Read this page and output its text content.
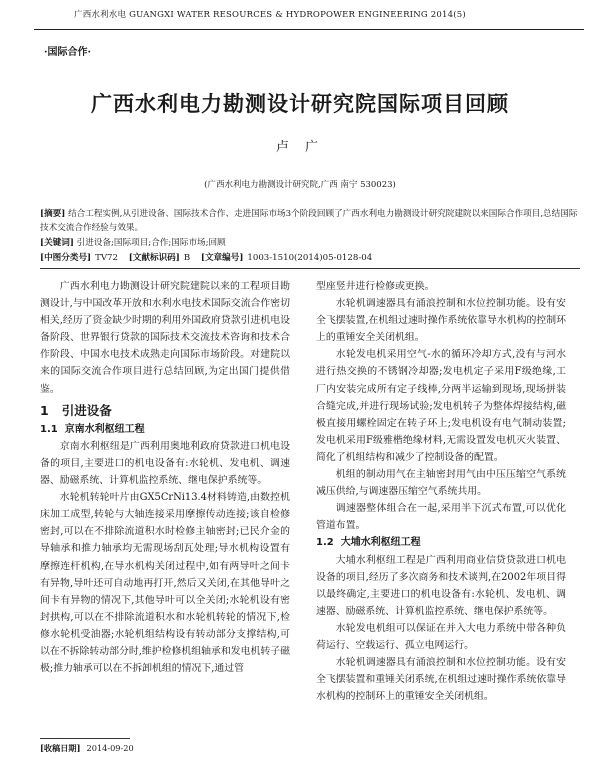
广西水利水电 GUANGXI WATER RESOURCES & HYDROPOWER ENGINEERING 2014(5)
·国际合作·
广西水利电力勘测设计研究院国际项目回顾
卢 广
(广西水利电力勘测设计研究院,广西 南宁 530023)
[摘要] 结合工程实例,从引进设备、国际技术合作、走进国际市场3个阶段回顾了广西水利电力勘测设计研究院建院以来国际合作项目,总结国际技术交流合作经验与效果。
[关键词] 引进设备;国际项目;合作;国际市场;回顾
[中图分类号] TV72 [文献标识码] B [文章编号] 1003-1510(2014)05-0128-04

广西水利电力勘测设计研究院建院以来的工程项目勘测设计,与中国改革开放和水利水电技术国际交流合作密切相关,经历了资金缺少时期的利用外国政府贷款引进机电设备阶段、世界银行贷款的国际技术交流技术咨询和技术合作阶段、中国水电技术成熟走向国际市场阶段。对建院以来的国际交流合作项目进行总结回顾,为定出国门提供借鉴。

1 引进设备
1.1 京南水利枢纽工程

京南水利枢纽是广西利用奥地利政府贷款进口机电设备的项目,主要进口的机电设备有:水轮机、发电机、调速器、励磁系统、计算机监控系统、继电保护系统等。

水轮机转轮叶片由GX5CrNi13.4材料铸造,由数控机床加工成型,转轮与大轴连接采用摩擦传动连接;该自检修密封,可以在不排除流道积水时检修主轴密封;已民介金的导轴承和推力轴承均无需现场刮瓦处理;导水机构设置有摩擦连杆机构,在导水机构关闭过程中,如有两导叶之间卡有异物,导叶还可自动地再打开,然后又关闭,在其他导叶之间卡有异物的情况下,其他导叶可以全关闭;水轮机设有密封拱构,可以在不排除流道积水和水轮机转轮的情况下,检修水轮机受油器;水轮机组结构设有转动部分支撑结构,可以在不拆除转动部分时,维护检修机组轴承和发电机转子磁极;推力轴承可以在不拆卸机组的情况下,通过管

型座竖井进行检修或更换。

水轮机调速器具有涌浪控制和水位控制功能。设有安全飞摆装置,在机组过速时操作系统依靠导水机构的控制环上的重锤安全关闭机组。

水轮发电机采用空气-水的循环冷却方式,没有与河水进行热交换的不锈钢冷却器;发电机定子采用F级绝缘,工厂内安装完成所有定子线棒,分两半运输到现场,现场拼装合缝完成,并进行现场试验;发电机转子为整体焊接结构,磁极直接用螺栓固定在转子环上;发电机设有电气制动装置;发电机采用F级雅楷绝缘材料,无需设置发电机灭火装置、简化了机组结构和减少了控制设备的配置。

机组的制动用气在主轴密封用气由中压压缩空气系统减压供给,与调速器压缩空气系统共用。

调速器整体组合在一起,采用半下沉式布置,可以优化管道布置。

1.2 大埔水利枢纽工程

大埔水利枢纽工程是广西利用商业信贷贷款进口机电设备的项目,经历了多次商务和技术谈判,在2002年项目得以最终确定,主要进口的机电设备有:水轮机、发电机、调速器、励磁系统、计算机监控系统、继电保护系统等。

水轮发电机组可以保证在并入大电力系统中带各种负荷运行、空载运行、孤立电网运行。

水轮机调速器具有涌浪控制和水位控制功能。设有安全飞摆装置和重锤关闭系统,在机组过速时操作系统依靠导水机构的控制环上的重锤安全关闭机组。

[收稿日期] 2014-09-20
